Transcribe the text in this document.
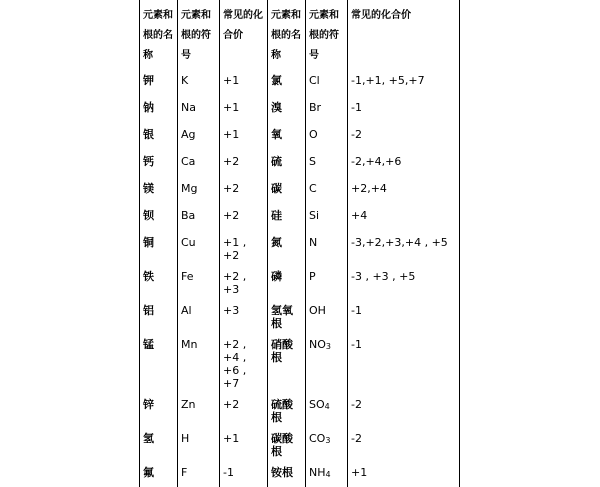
元素和根的名称	元素和根的符号	常见的化合价	元素和根的名称	元素和根的符号	常见的化合价
钾	K	+1	氯	Cl	-1,+1, +5,+7
钠	Na	+1	溴	Br	-1
银	Ag	+1	氧	O	-2
钙	Ca	+2	硫	S	-2,+4,+6
镁	Mg	+2	碳	C	+2,+4
钡	Ba	+2	硅	Si	+4
铜	Cu	+1 , +2	氮	N	-3,+2,+3,+4 , +5
铁	Fe	+2 , +3	磷	P	-3 , +3 , +5
铝	Al	+3	氢氧根	OH	-1
锰	Mn	+2 , +4 , +6 , +7	硝酸根	$NO_3$	-1
锌	Zn	+2	硫酸根	$SO_4$	-2
氢	H	+1	碳酸根	$CO_3$	-2
氟	F	-1	铵根	$NH_4$	+1
